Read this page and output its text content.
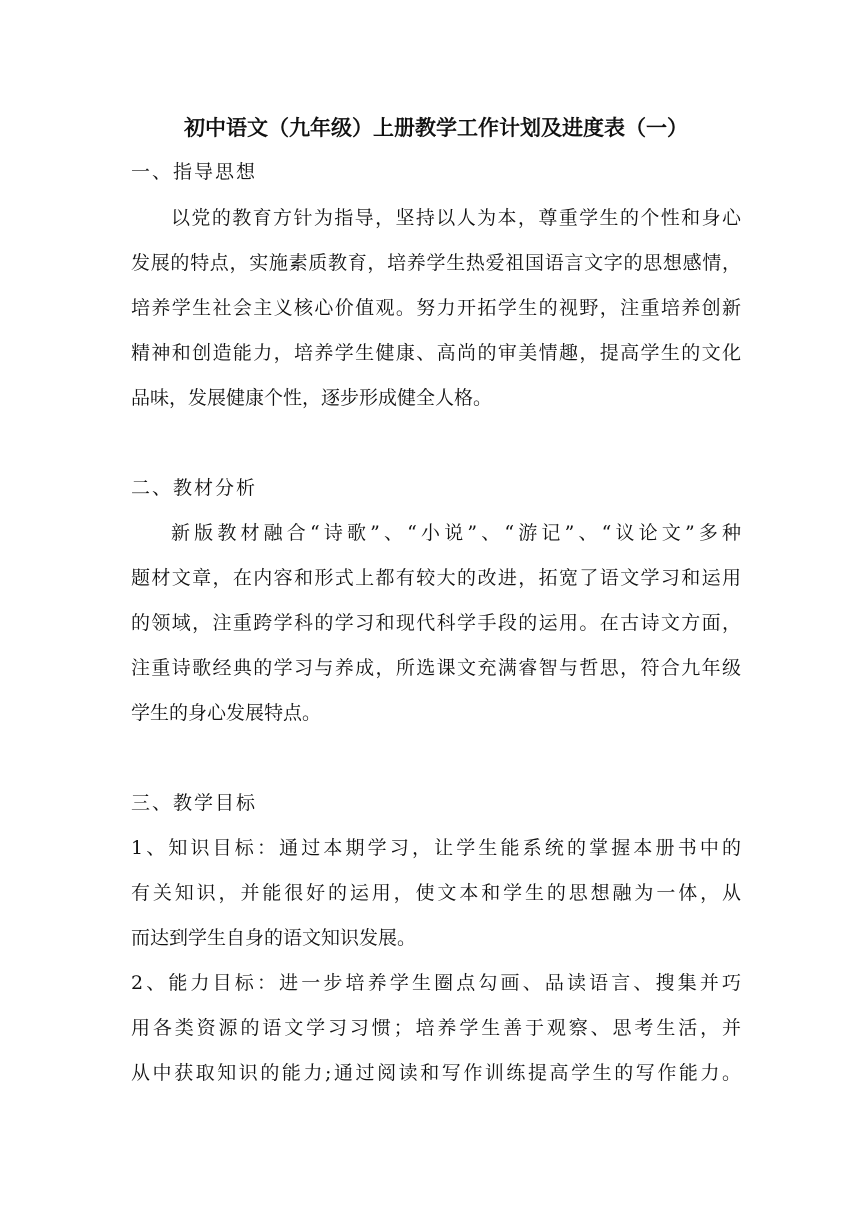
初中语文（九年级）上册教学工作计划及进度表（一）
一、指导思想
以党的教育方针为指导，坚持以人为本，尊重学生的个性和身心
发展的特点，实施素质教育，培养学生热爱祖国语言文字的思想感情，
培养学生社会主义核心价值观。努力开拓学生的视野，注重培养创新
精神和创造能力，培养学生健康、高尚的审美情趣，提高学生的文化
品味，发展健康个性，逐步形成健全人格。
二、教材分析
新版教材融合“诗歌”、“小说”、“游记”、“议论文”多种
题材文章，在内容和形式上都有较大的改进，拓宽了语文学习和运用
的领域，注重跨学科的学习和现代科学手段的运用。在古诗文方面，
注重诗歌经典的学习与养成，所选课文充满睿智与哲思，符合九年级
学生的身心发展特点。
三、教学目标
1、知识目标：通过本期学习，让学生能系统的掌握本册书中的
有关知识，并能很好的运用，使文本和学生的思想融为一体，从
而达到学生自身的语文知识发展。
2、能力目标：进一步培养学生圈点勾画、品读语言、搜集并巧
用各类资源的语文学习习惯；培养学生善于观察、思考生活，并
从中获取知识的能力;通过阅读和写作训练提高学生的写作能力。
